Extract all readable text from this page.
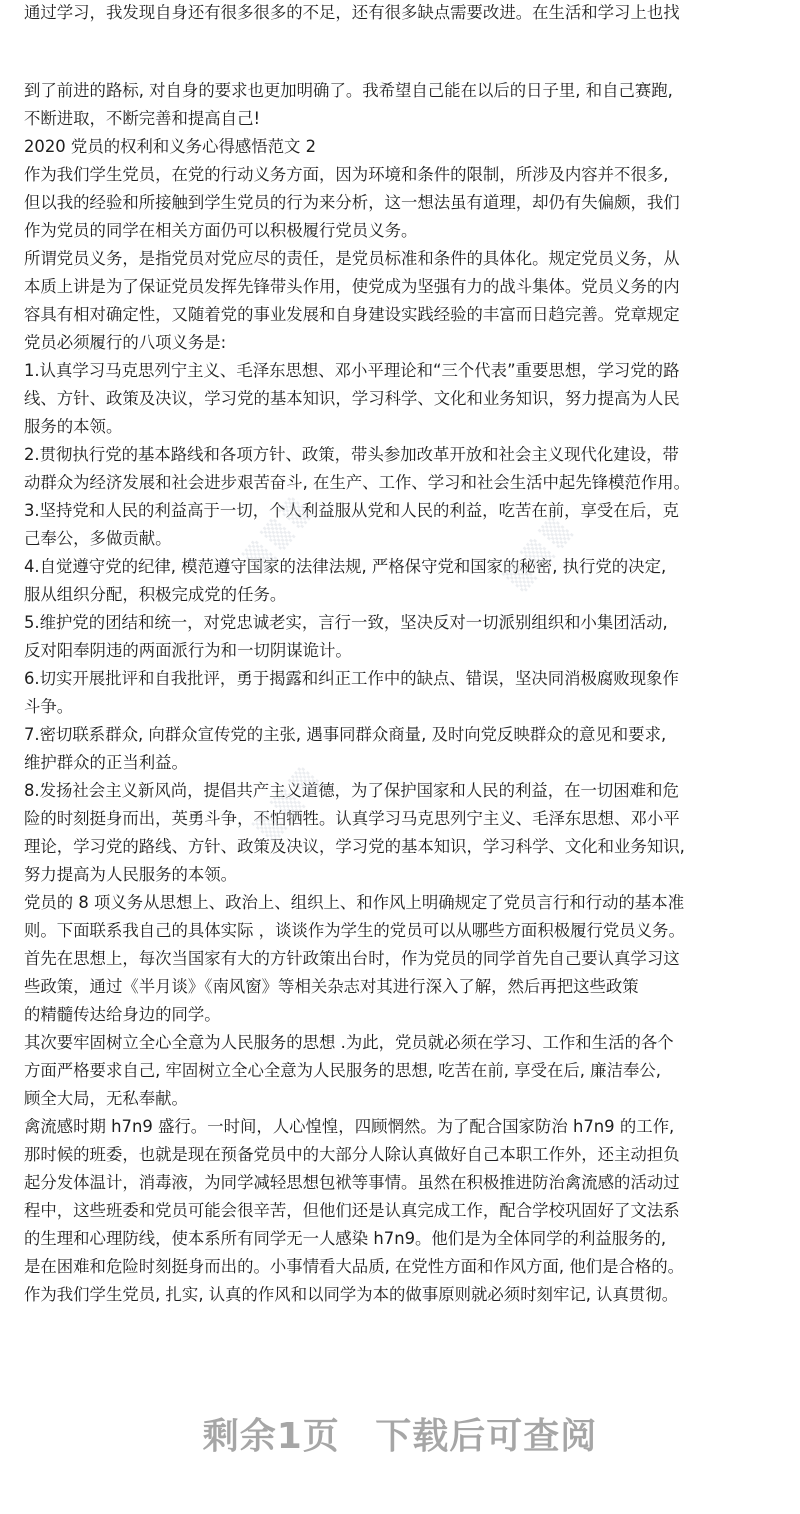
通过学习，我发现自身还有很多很多的不足，还有很多缺点需要改进。在生活和学习上也找
到了前进的路标, 对自身的要求也更加明确了。我希望自己能在以后的日子里, 和自己赛跑,
不断进取，不断完善和提高自己!
2020 党员的权利和义务心得感悟范文 2
作为我们学生党员，在党的行动义务方面，因为环境和条件的限制，所涉及内容并不很多,
但以我的经验和所接触到学生党员的行为来分析，这一想法虽有道理，却仍有失偏颇，我们
作为党员的同学在相关方面仍可以积极履行党员义务。
所谓党员义务，是指党员对党应尽的责任，是党员标准和条件的具体化。规定党员义务，从
本质上讲是为了保证党员发挥先锋带头作用，使党成为坚强有力的战斗集体。党员义务的内
容具有相对确定性，又随着党的事业发展和自身建设实践经验的丰富而日趋完善。党章规定
党员必须履行的八项义务是:
1.认真学习马克思列宁主义、毛泽东思想、邓小平理论和“三个代表”重要思想，学习党的路
线、方针、政策及决议，学习党的基本知识，学习科学、文化和业务知识，努力提高为人民
服务的本领。
2.贯彻执行党的基本路线和各项方针、政策，带头参加改革开放和社会主义现代化建设，带
动群众为经济发展和社会进步艰苦奋斗, 在生产、工作、学习和社会生活中起先锋模范作用。
3.坚持党和人民的利益高于一切，个人利益服从党和人民的利益，吃苦在前，享受在后，克
己奉公，多做贡献。
4.自觉遵守党的纪律, 模范遵守国家的法律法规, 严格保守党和国家的秘密, 执行党的决定,
服从组织分配，积极完成党的任务。
5.维护党的团结和统一，对党忠诚老实，言行一致，坚决反对一切派别组织和小集团活动,
反对阳奉阴违的两面派行为和一切阴谋诡计。
6.切实开展批评和自我批评，勇于揭露和纠正工作中的缺点、错误，坚决同消极腐败现象作
斗争。
7.密切联系群众, 向群众宣传党的主张, 遇事同群众商量, 及时向党反映群众的意见和要求,
维护群众的正当利益。
8.发扬社会主义新风尚，提倡共产主义道德，为了保护国家和人民的利益，在一切困难和危
险的时刻挺身而出，英勇斗争，不怕牺牲。认真学习马克思列宁主义、毛泽东思想、邓小平
理论，学习党的路线、方针、政策及决议，学习党的基本知识，学习科学、文化和业务知识,
努力提高为人民服务的本领。
党员的 8 项义务从思想上、政治上、组织上、和作风上明确规定了党员言行和行动的基本准
则。下面联系我自己的具体实际 ，谈谈作为学生的党员可以从哪些方面积极履行党员义务。
首先在思想上，每次当国家有大的方针政策出台时，作为党员的同学首先自己要认真学习这
些政策，通过《半月谈》《南风窗》等相关杂志对其进行深入了解，然后再把这些政策
的精髓传达给身边的同学。
其次要牢固树立全心全意为人民服务的思想 .为此，党员就必须在学习、工作和生活的各个
方面严格要求自己, 牢固树立全心全意为人民服务的思想, 吃苦在前, 享受在后, 廉洁奉公,
顾全大局，无私奉献。
禽流感时期 h7n9 盛行。一时间，人心惶惶，四顾惘然。为了配合国家防治 h7n9 的工作,
那时候的班委，也就是现在预备党员中的大部分人除认真做好自己本职工作外，还主动担负
起分发体温计，消毒液，为同学减轻思想包袱等事情。虽然在积极推进防治禽流感的活动过
程中，这些班委和党员可能会很辛苦，但他们还是认真完成工作，配合学校巩固好了文法系
的生理和心理防线，使本系所有同学无一人感染 h7n9。他们是为全体同学的利益服务的,
是在困难和危险时刻挺身而出的。小事情看大品质, 在党性方面和作风方面, 他们是合格的。
作为我们学生党员, 扎实, 认真的作风和以同学为本的做事原则就必须时刻牢记, 认真贯彻。
▒ ▒ ▒	▒ ▒ ▒
▒ ▒ ▒
剩余1页 下载后可查阅
